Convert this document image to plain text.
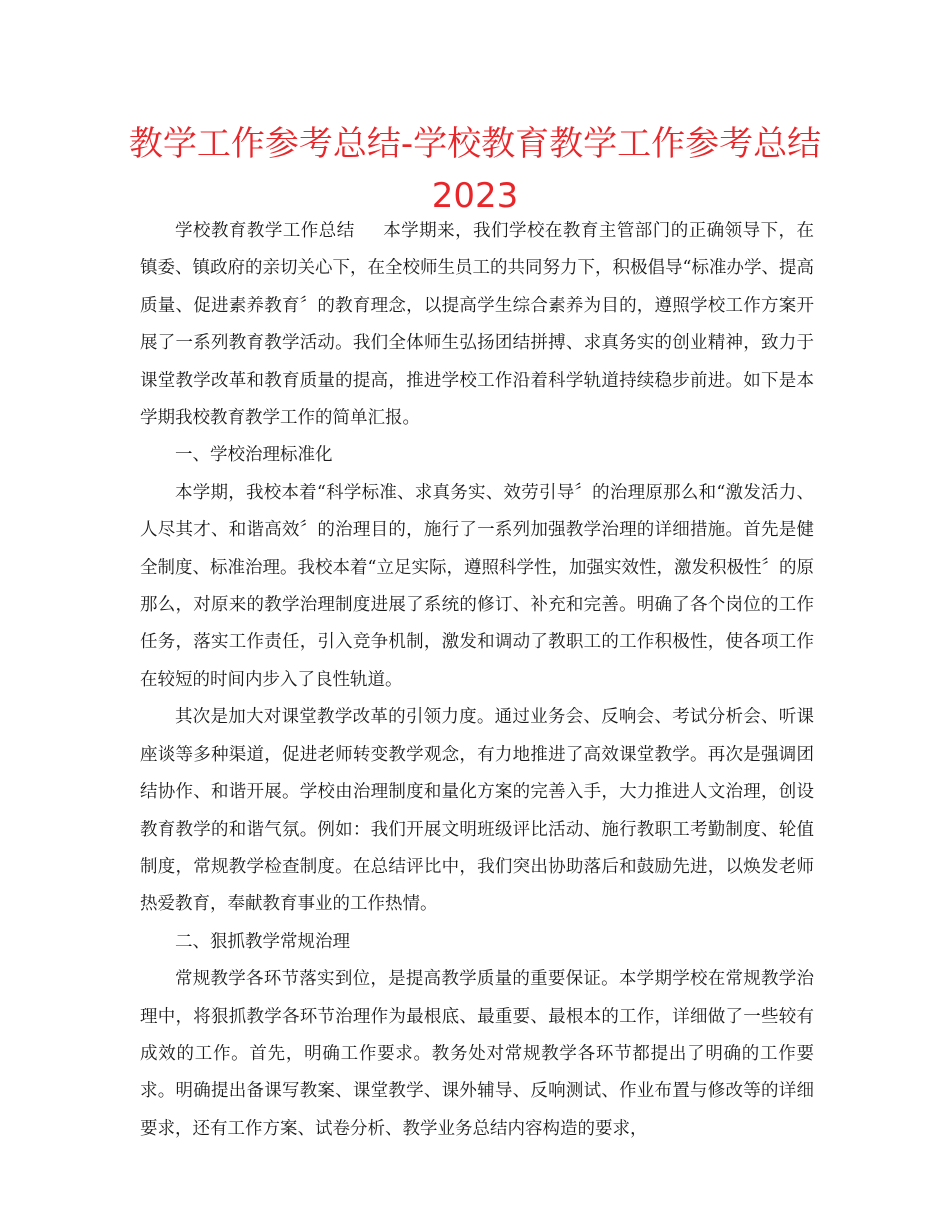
教学工作参考总结-学校教育教学工作参考总结2023

学校教育教学工作总结 本学期来，我们学校在教育主管部门的正确领导下，在镇委、镇政府的亲切关心下，在全校师生员工的共同努力下，积极倡导“标准办学、提高质量、促进素养教育〞的教育理念，以提高学生综合素养为目的，遵照学校工作方案开展了一系列教育教学活动。我们全体师生弘扬团结拼搏、求真务实的创业精神，致力于课堂教学改革和教育质量的提高，推进学校工作沿着科学轨道持续稳步前进。如下是本学期我校教育教学工作的简单汇报。

一、学校治理标准化

本学期，我校本着“科学标准、求真务实、效劳引导〞的治理原那么和“激发活力、人尽其才、和谐高效〞的治理目的，施行了一系列加强教学治理的详细措施。首先是健全制度、标准治理。我校本着“立足实际，遵照科学性，加强实效性，激发积极性〞的原那么，对原来的教学治理制度进展了系统的修订、补充和完善。明确了各个岗位的工作任务，落实工作责任，引入竞争机制，激发和调动了教职工的工作积极性，使各项工作在较短的时间内步入了良性轨道。

其次是加大对课堂教学改革的引领力度。通过业务会、反响会、考试分析会、听课座谈等多种渠道，促进老师转变教学观念，有力地推进了高效课堂教学。再次是强调团结协作、和谐开展。学校由治理制度和量化方案的完善入手，大力推进人文治理，创设教育教学的和谐气氛。例如：我们开展文明班级评比活动、施行教职工考勤制度、轮值制度，常规教学检查制度。在总结评比中，我们突出协助落后和鼓励先进，以焕发老师热爱教育，奉献教育事业的工作热情。

二、狠抓教学常规治理

常规教学各环节落实到位，是提高教学质量的重要保证。本学期学校在常规教学治理中，将狠抓教学各环节治理作为最根底、最重要、最根本的工作，详细做了一些较有成效的工作。首先，明确工作要求。教务处对常规教学各环节都提出了明确的工作要求。明确提出备课写教案、课堂教学、课外辅导、反响测试、作业布置与修改等的详细要求，还有工作方案、试卷分析、教学业务总结内容构造的要求，
